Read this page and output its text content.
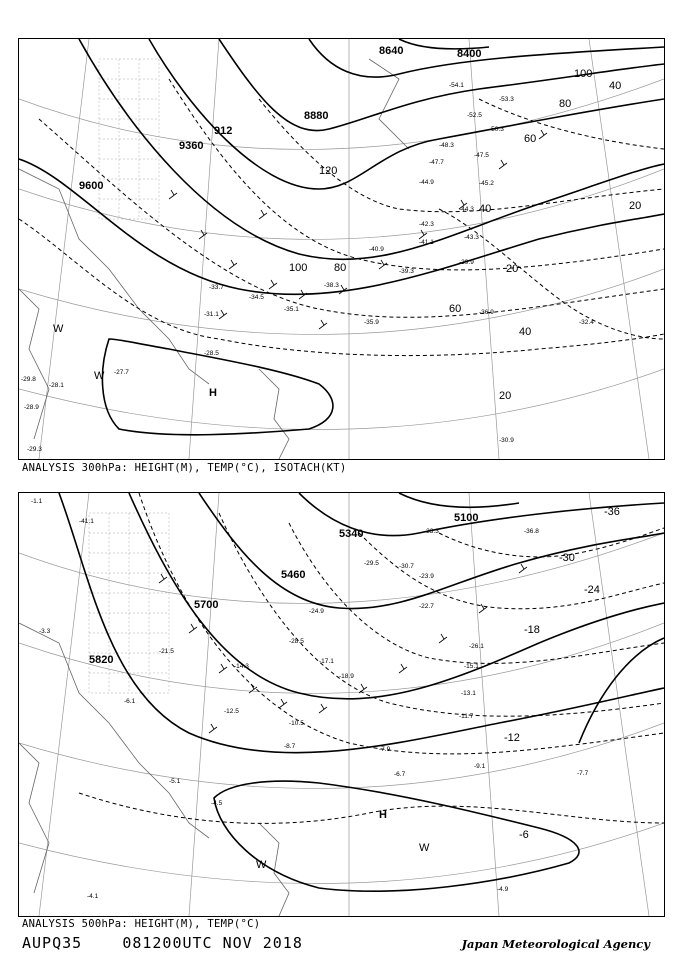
9600
9360
912
8880
8640	8400
20
40
60
80
100
120
20
40
60
80
100
20
40
H
W
W -27.7
-28.5
-29.8
-30.9
-31.1
-32.4
-33.7
-34.5
-35.1
-35.9
-36.9
-38.3
-39.3
-39.9
-40.9
-41.1
-42.3
-43.3
-44.3
-44.9	-45.2
-47.5
-47.7
-48.3
-50.3
-52.5
-53.3
-54.1
-28.1
-28.9
-29.3
ANALYSIS 300hPa: HEIGHT(M), TEMP(°C), ISOTACH(KT)
5820
5700
5460
5340
5100
-6
-12
-18
-24
-30
-36
H
W
W
-1.1
-3.3
-4.1
-4.5
-4.9
-5.1
-6.1
-6.7	-7.7
-7.9
-8.7
-9.1
-10.5
-11.7
-12.5
-13.1
-14.3	-15.1
-17.1
-18.9
-21.5
-22.7
-23.9
-24.9
-26.1
-28.5
-29.5	-30.7
-33.3	-36.8
-41.1
ANALYSIS 500hPa: HEIGHT(M), TEMP(°C)
AUPQ35	081200UTC NOV 2018	Japan Meteorological Agency
